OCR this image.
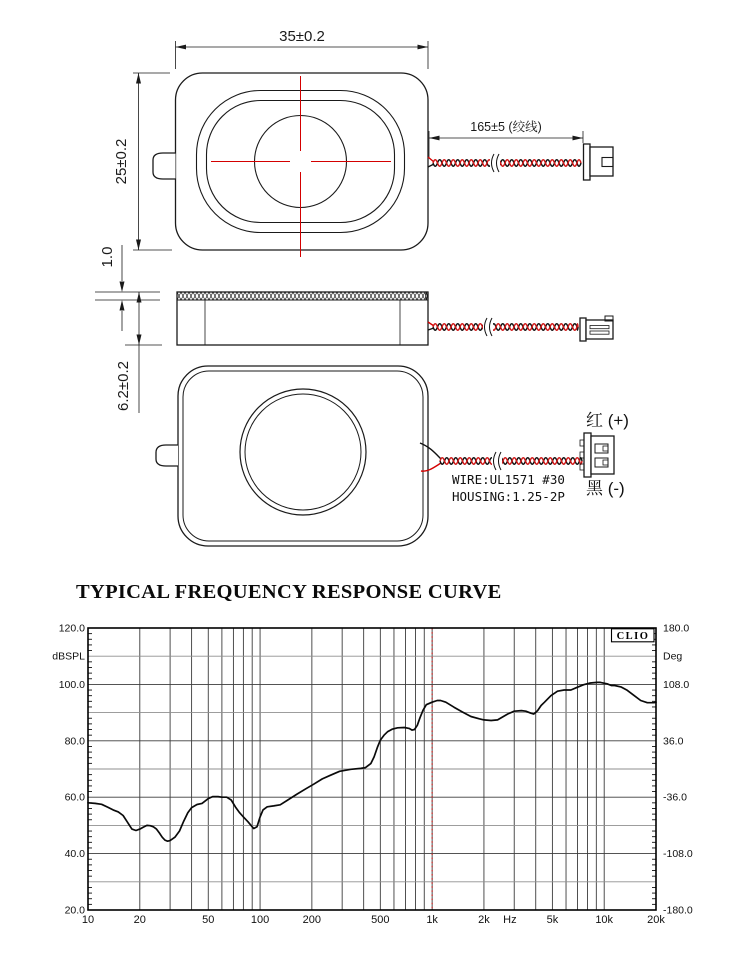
35±0.2
25±0.2
165±5 (绞线)
1.0
6.2±0.2
红 (+)
黑 (-)
WIRE:UL1571 #30
HOUSING:1.25-2P
TYPICAL FREQUENCY RESPONSE CURVE
120.0
100.0
80.0
60.0
40.0
20.0
dBSPL
180.0
108.0
36.0
-36.0
-108.0
-180.0
Deg
10	20	50	100	200	500	1k	2k Hz	5k	10k	20k
CLIO
